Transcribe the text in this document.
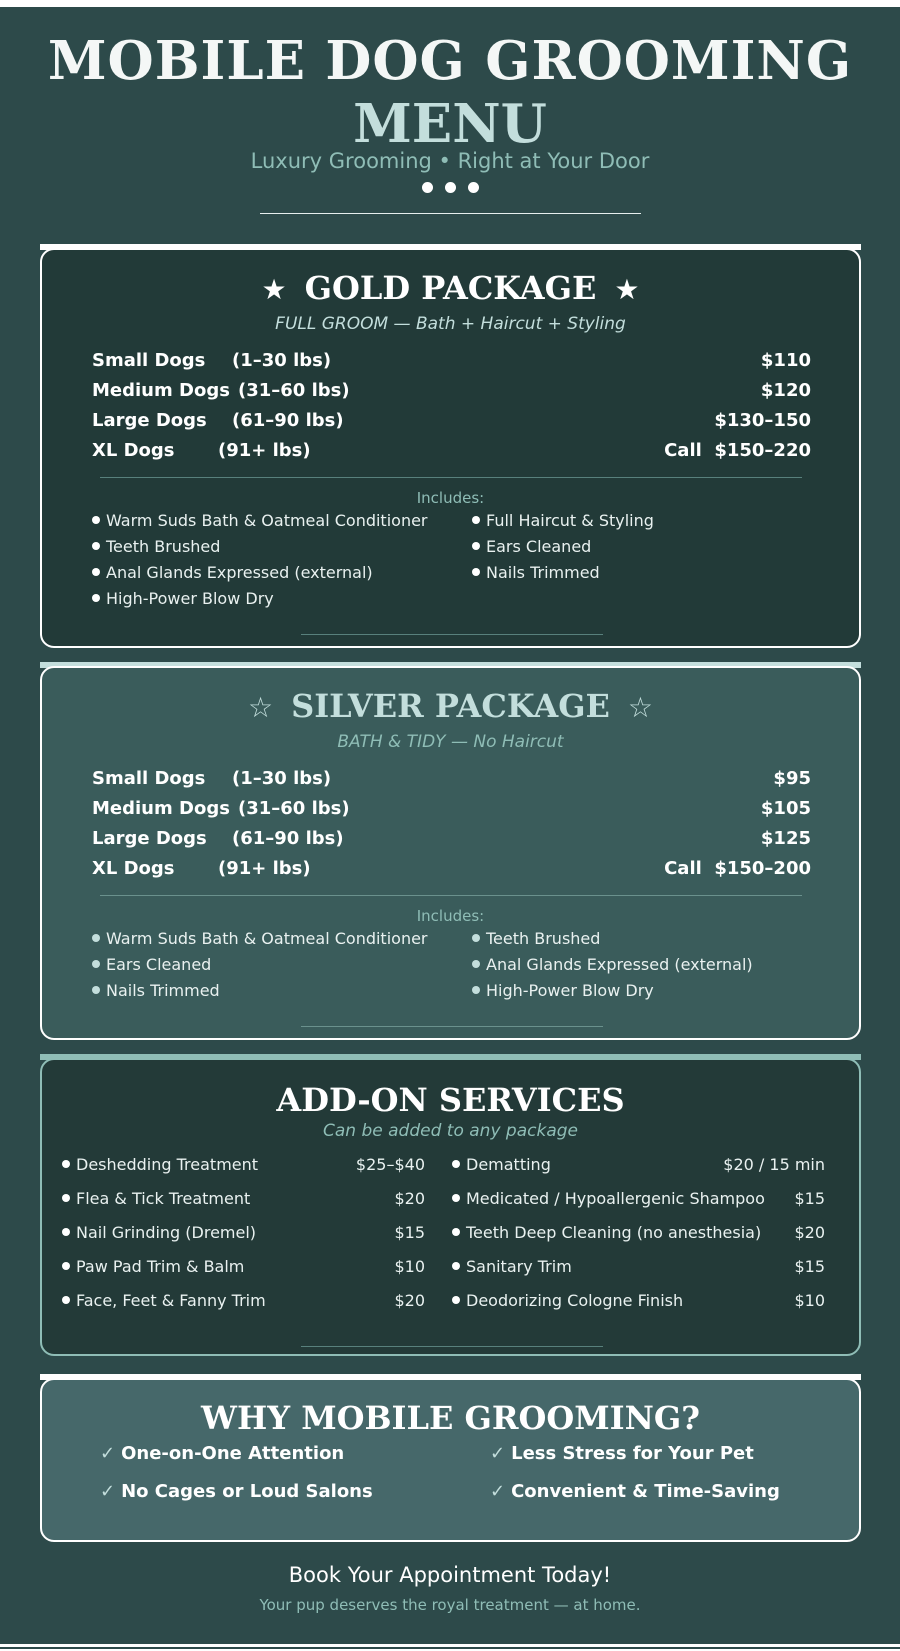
MOBILE DOG GROOMING
MENU
Luxury Grooming • Right at Your Door
★ GOLD PACKAGE ★
FULL GROOM — Bath + Haircut + Styling
Small Dogs (1–30 lbs)	$110
Medium Dogs (31–60 lbs)	$120
Large Dogs (61–90 lbs)	$130–150
XL Dogs (91+ lbs)	Call  $150–220
Includes:
Warm Suds Bath & Oatmeal Conditioner	Full Haircut & Styling
Teeth Brushed	Ears Cleaned
Anal Glands Expressed (external)	Nails Trimmed
High-Power Blow Dry
☆ SILVER PACKAGE ☆
BATH & TIDY — No Haircut
Small Dogs (1–30 lbs)	$95
Medium Dogs (31–60 lbs)	$105
Large Dogs (61–90 lbs)	$125
XL Dogs (91+ lbs)	Call  $150–200
Includes:
Warm Suds Bath & Oatmeal Conditioner	Teeth Brushed
Ears Cleaned	Anal Glands Expressed (external)
Nails Trimmed	High-Power Blow Dry
ADD-ON SERVICES
Can be added to any package
Deshedding Treatment	$25–$40	Dematting	$20 / 15 min
Flea & Tick Treatment	$20	Medicated / Hypoallergenic Shampoo	$15
Nail Grinding (Dremel)	$15	Teeth Deep Cleaning (no anesthesia)	$20
Paw Pad Trim & Balm	$10	Sanitary Trim	$15
Face, Feet & Fanny Trim	$20	Deodorizing Cologne Finish	$10
WHY MOBILE GROOMING?
✓ One-on-One Attention	✓ Less Stress for Your Pet
✓ No Cages or Loud Salons	✓ Convenient & Time-Saving
Book Your Appointment Today!
Your pup deserves the royal treatment — at home.
